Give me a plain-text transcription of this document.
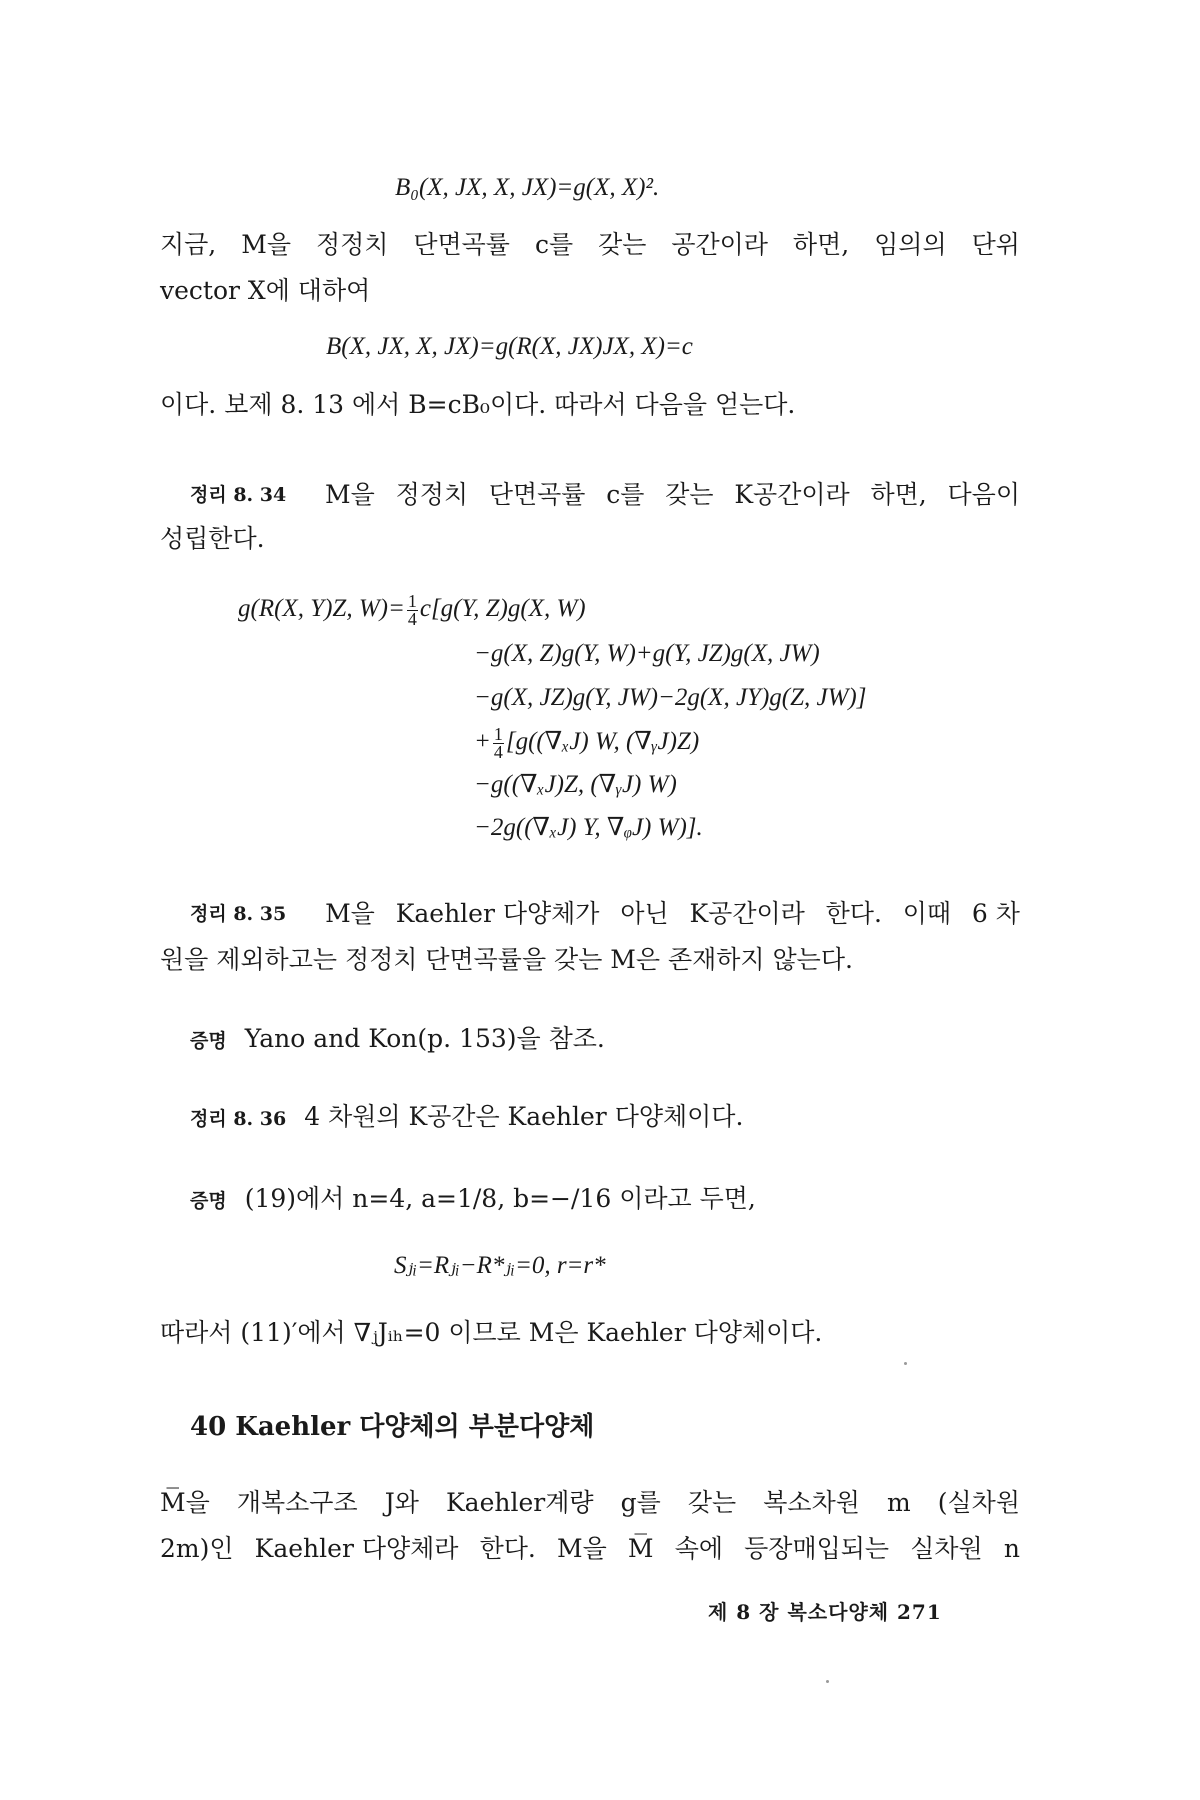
B₀(X, JX, X, JX)=g(X, X)².
지금, M을 정정치 단면곡률 c를 갖는 공간이라 하면, 임의의 단위
vector X에 대하여
B(X, JX, X, JX)=g(R(X, JX)JX, X)=c
이다. 보제 8. 13 에서 B=cB₀이다. 따라서 다음을 얻는다.
정리 8. 34 M을 정정치 단면곡률 c를 갖는 K공간이라 하면, 다음이
성립한다.
g(R(X, Y)Z, $W)= \frac{1}{4} c[g(Y$, Z)g(X, W)
−g(X, Z)g(Y, W)+g(Y, JZ)g(X, JW)
−g(X, JZ)g(Y, JW)−2g(X, JY)g(Z, JW)]
+ $\frac{1}{4} [g((\nabla_xJ)$ W, (∇ᵧJ)Z)
−g((∇ₓJ)Z, (∇ᵧJ) W)
−2g((∇ₓJ) Y, ∇ᵩJ) W)].
정리 8. 35 M을 Kaehler 다양체가 아닌 K공간이라 한다. 이때 6 차
원을 제외하고는 정정치 단면곡률을 갖는 M은 존재하지 않는다.
증명 Yano and Kon(p. 153)을 참조.
정리 8. 36 4 차원의 K공간은 Kaehler 다양체이다.
증명 (19)에서 n=4, a=1/8, b=−/16 이라고 두면,
Sⱼᵢ=Rⱼᵢ−R*ⱼᵢ=0, r=r*
따라서 (11)′에서 ∇ⱼJᵢₕ=0 이므로 M은 Kaehler 다양체이다.
40 Kaehler 다양체의 부분다양체
M̅을 개복소구조 J와 Kaehler계량 g를 갖는 복소차원 m (실차원
2m)인 Kaehler 다양체라 한다. M을 M̅ 속에 등장매입되는 실차원 n
제 8 장 복소다양체 271
